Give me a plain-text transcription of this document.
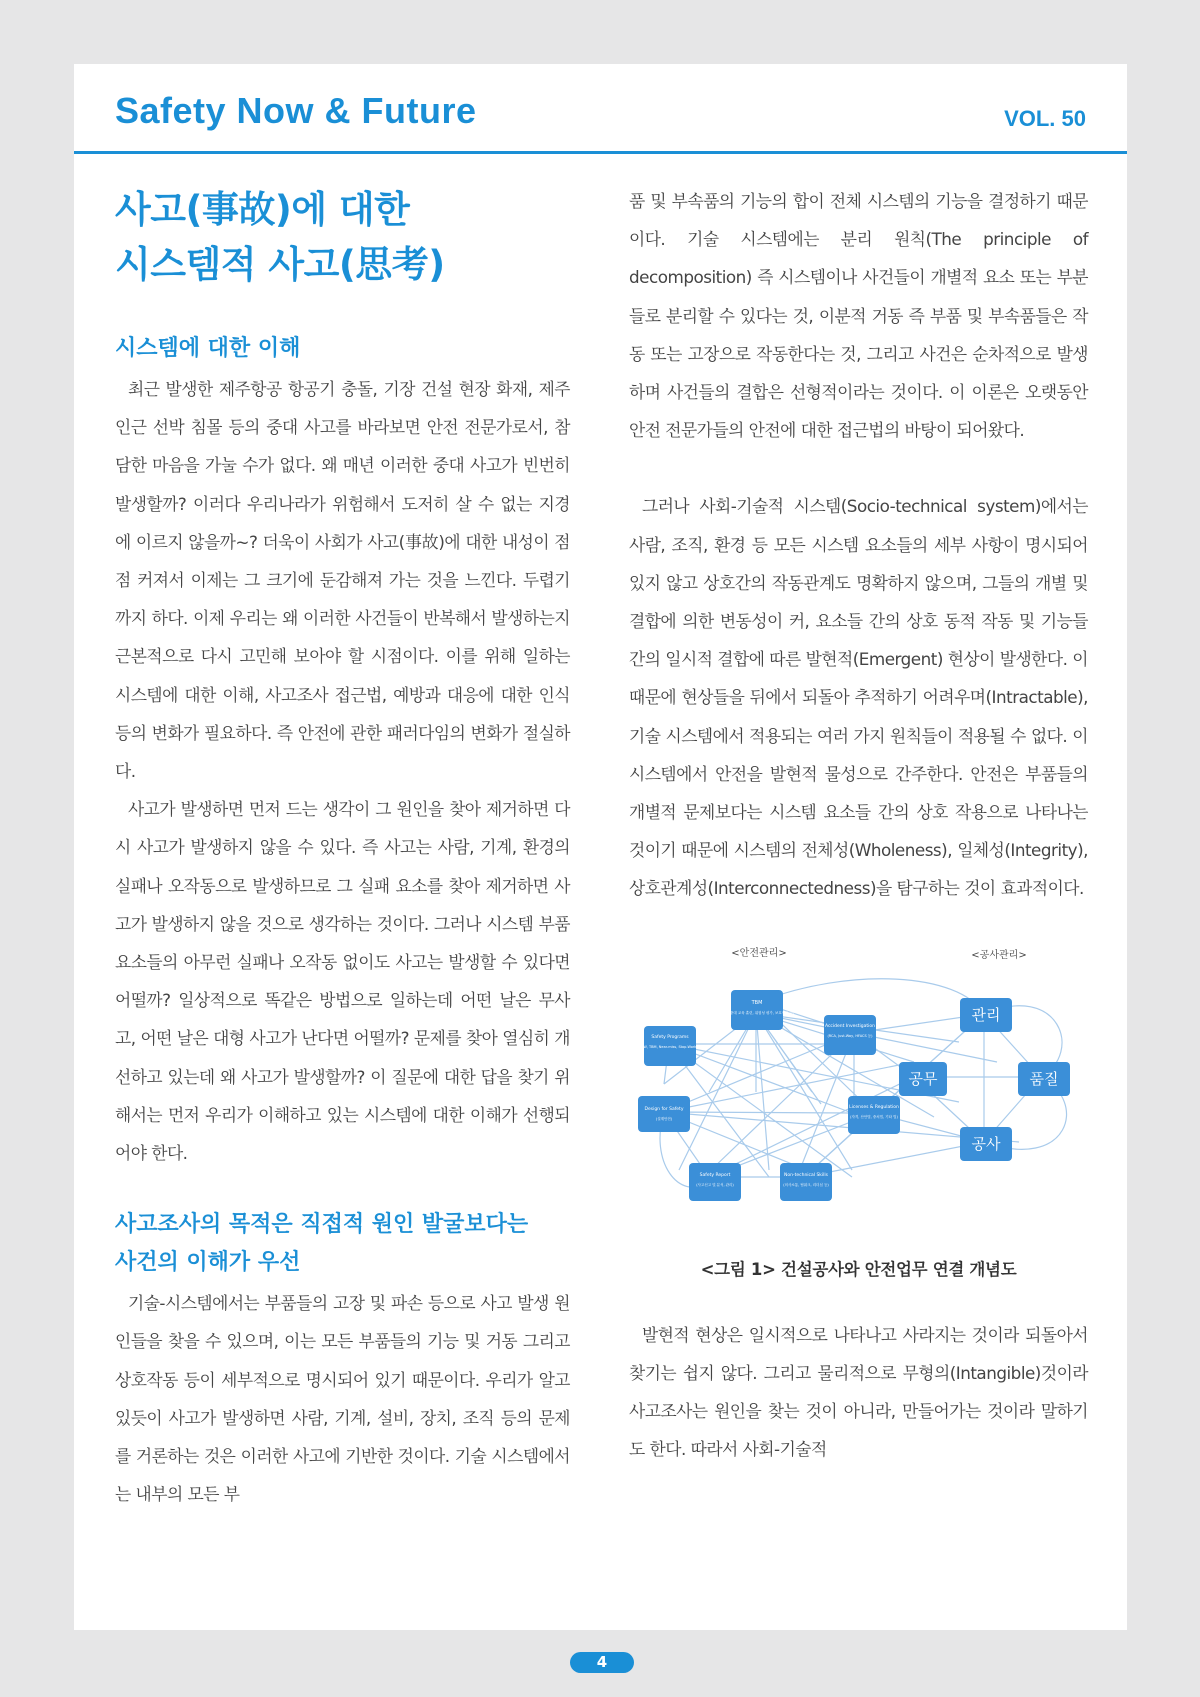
Safety Now & Future	VOL. 50
사고(事故)에 대한
시스템적 사고(思考)
시스템에 대한 이해

최근 발생한 제주항공 항공기 충돌, 기장 건설 현장 화재, 제주 인근 선박 침몰 등의 중대 사고를 바라보면 안전 전문가로서, 참담한 마음을 가눌 수가 없다. 왜 매년 이러한 중대 사고가 빈번히 발생할까? 이러다 우리나라가 위험해서 도저히 살 수 없는 지경에 이르지 않을까~? 더욱이 사회가 사고(事故)에 대한 내성이 점점 커져서 이제는 그 크기에 둔감해져 가는 것을 느낀다. 두렵기까지 하다. 이제 우리는 왜 이러한 사건들이 반복해서 발생하는지 근본적으로 다시 고민해 보아야 할 시점이다. 이를 위해 일하는 시스템에 대한 이해, 사고조사 접근법, 예방과 대응에 대한 인식 등의 변화가 필요하다. 즉 안전에 관한 패러다임의 변화가 절실하다.

사고가 발생하면 먼저 드는 생각이 그 원인을 찾아 제거하면 다시 사고가 발생하지 않을 수 있다. 즉 사고는 사람, 기계, 환경의 실패나 오작동으로 발생하므로 그 실패 요소를 찾아 제거하면 사고가 발생하지 않을 것으로 생각하는 것이다. 그러나 시스템 부품 요소들의 아무런 실패나 오작동 없이도 사고는 발생할 수 있다면 어떨까? 일상적으로 똑같은 방법으로 일하는데 어떤 날은 무사고, 어떤 날은 대형 사고가 난다면 어떨까? 문제를 찾아 열심히 개선하고 있는데 왜 사고가 발생할까? 이 질문에 대한 답을 찾기 위해서는 먼저 우리가 이해하고 있는 시스템에 대한 이해가 선행되어야 한다.

사고조사의 목적은 직접적 원인 발굴보다는
사건의 이해가 우선

기술-시스템에서는 부품들의 고장 및 파손 등으로 사고 발생 원인들을 찾을 수 있으며, 이는 모든 부품들의 기능 및 거동 그리고 상호작동 등이 세부적으로 명시되어 있기 때문이다. 우리가 알고 있듯이 사고가 발생하면 사람, 기계, 설비, 장치, 조직 등의 문제를 거론하는 것은 이러한 사고에 기반한 것이다. 기술 시스템에서는 내부의 모든 부

품 및 부속품의 기능의 합이 전체 시스템의 기능을 결정하기 때문이다. 기술 시스템에는 분리 원칙(The principle of decomposition) 즉 시스템이나 사건들이 개별적 요소 또는 부분들로 분리할 수 있다는 것, 이분적 거동 즉 부품 및 부속품들은 작동 또는 고장으로 작동한다는 것, 그리고 사건은 순차적으로 발생하며 사건들의 결합은 선형적이라는 것이다. 이 이론은 오랫동안 안전 전문가들의 안전에 대한 접근법의 바탕이 되어왔다.

그러나 사회-기술적 시스템(Socio-technical system)에서는 사람, 조직, 환경 등 모든 시스템 요소들의 세부 사항이 명시되어 있지 않고 상호간의 작동관계도 명확하지 않으며, 그들의 개별 및 결합에 의한 변동성이 커, 요소들 간의 상호 동적 작동 및 기능들 간의 일시적 결합에 따른 발현적(Emergent) 현상이 발생한다. 이 때문에 현상들을 뒤에서 되돌아 추적하기 어려우며(Intractable), 기술 시스템에서 적용되는 여러 가지 원칙들이 적용될 수 없다. 이 시스템에서 안전을 발현적 물성으로 간주한다. 안전은 부품들의 개별적 문제보다는 시스템 요소들 간의 상호 작용으로 나타나는 것이기 때문에 시스템의 전체성(Wholeness), 일체성(Integrity), 상호관계성(Interconnectedness)을 탐구하는 것이 효과적이다.

<안전관리>	<공사관리>
TBM
(조직, 중대 교육 훈련, 위험성 평가, 보호장구 등)
Safety Programs
(PTW, TBM, Near-miss, Stop-Work 등)
Accident Investigation
(RCA, Just-Way, HFACS 등)
Design for Safety
(설계안전)
Licenses & Regulation
(자격, 산안법, 중처법, 기타 법)
Safety Report
(사고신고 및 분석, 관리)
Non-technical Skills
(의사소통, 팀워크, 리더십 등)
관리
공무	품질
공사
<그림 1> 건설공사와 안전업무 연결 개념도

발현적 현상은 일시적으로 나타나고 사라지는 것이라 되돌아서 찾기는 쉽지 않다. 그리고 물리적으로 무형의(Intangible)것이라 사고조사는 원인을 찾는 것이 아니라, 만들어가는 것이라 말하기도 한다. 따라서 사회-기술적

4
